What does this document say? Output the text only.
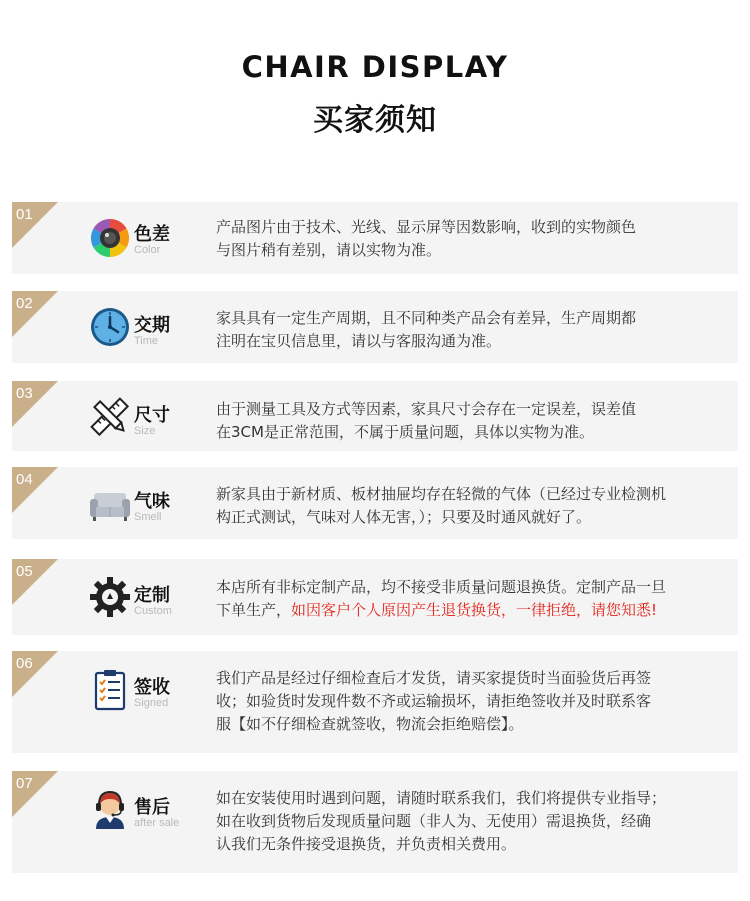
CHAIR DISPLAY
买家须知
01
色差
Color
产品图片由于技术、光线、显示屏等因数影响，收到的实物颜色
与图片稍有差别，请以实物为准。
02
交期
Time
家具具有一定生产周期，且不同种类产品会有差异，生产周期都
注明在宝贝信息里，请以与客服沟通为准。
03
尺寸
Size
由于测量工具及方式等因素，家具尺寸会存在一定误差，误差值
在3CM是正常范围，不属于质量问题，具体以实物为准。
04
气味
Smell
新家具由于新材质、板材抽屉均存在轻微的气体（已经过专业检测机
构正式测试，气味对人体无害，）；只要及时通风就好了。
05
定制
Custom
本店所有非标定制产品，均不接受非质量问题退换货。定制产品一旦
下单生产，如因客户个人原因产生退货换货，一律拒绝，请您知悉!
06
签收
Signed
我们产品是经过仔细检查后才发货，请买家提货时当面验货后再签
收；如验货时发现件数不齐或运输损坏，请拒绝签收并及时联系客
服【如不仔细检查就签收，物流会拒绝赔偿】。
07
售后
after sale
如在安装使用时遇到问题，请随时联系我们，我们将提供专业指导；
如在收到货物后发现质量问题（非人为、无使用）需退换货，经确
认我们无条件接受退换货，并负责相关费用。
